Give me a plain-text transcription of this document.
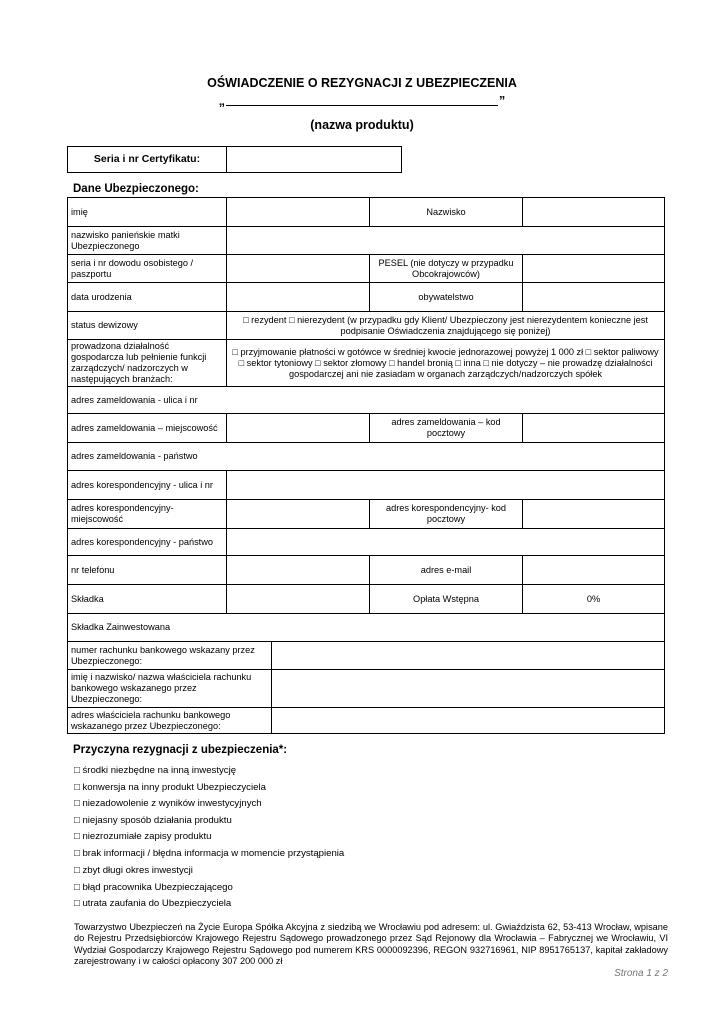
OŚWIADCZENIE O REZYGNACJI Z UBEZPIECZENIA
„	”
(nazwa produktu)
Seria i nr Certyfikatu:	
Dane Ubezpieczonego:
imię			Nazwisko	
nazwisko panieńskie matki Ubezpieczonego				
seria i nr dowodu osobistego / paszportu			PESEL (nie dotyczy w przypadku Obcokrajowców)	
data urodzenia			obywatelstwo	
status dewizowy	□ rezydent □ nierezydent (w przypadku gdy Klient/ Ubezpieczony jest nierezydentem konieczne jest podpisanie Oświadczenia znajdującego się poniżej)			
prowadzona działalność gospodarcza lub pełnienie funkcji zarządczych/ nadzorczych w następujących branżach:	□ przyjmowanie płatności w gotówce w średniej kwocie jednorazowej powyżej 1 000 zł □ sektor paliwowy □ sektor tytoniowy □ sektor złomowy □ handel bronią □ inna □ nie dotyczy – nie prowadzę działalności gospodarczej ani nie zasiadam w organach zarządczych/nadzorczych spółek			
adres zameldowania - ulica i nr				
adres zameldowania – miejscowość			adres zameldowania – kod pocztowy	
adres zameldowania - państwo				
adres korespondencyjny - ulica i nr				
adres korespondencyjny- miejscowość			adres korespondencyjny- kod pocztowy	
adres korespondencyjny - państwo				
nr telefonu			adres e-mail	
Składka			Opłata Wstępna	0%
Składka Zainwestowana				
numer rachunku bankowego wskazany przez Ubezpieczonego:				
imię i nazwisko/ nazwa właściciela rachunku bankowego wskazanego przez Ubezpieczonego:				
adres właściciela rachunku bankowego wskazanego przez Ubezpieczonego:				
Przyczyna rezygnacji z ubezpieczenia*:
□ środki niezbędne na inną inwestycję
□ konwersja na inny produkt Ubezpieczyciela
□ niezadowolenie z wyników inwestycyjnych
□ niejasny sposób działania produktu
□ niezrozumiałe zapisy produktu
□ brak informacji / błędna informacja w momencie przystąpienia
□ zbyt długi okres inwestycji
□ błąd pracownika Ubezpieczającego
□ utrata zaufania do Ubezpieczyciela
Towarzystwo Ubezpieczeń na Życie Europa Spółka Akcyjna z siedzibą we Wrocławiu pod adresem: ul. Gwiaździsta 62, 53-413 Wrocław, wpisane do Rejestru Przedsiębiorców Krajowego Rejestru Sądowego prowadzonego przez Sąd Rejonowy dla Wrocławia – Fabrycznej we Wrocławiu, VI Wydział Gospodarczy Krajowego Rejestru Sądowego pod numerem KRS 0000092396, REGON 932716961, NIP 8951765137, kapitał zakładowy zarejestrowany i w całości opłacony 307 200 000 zł
Strona 1 z 2
